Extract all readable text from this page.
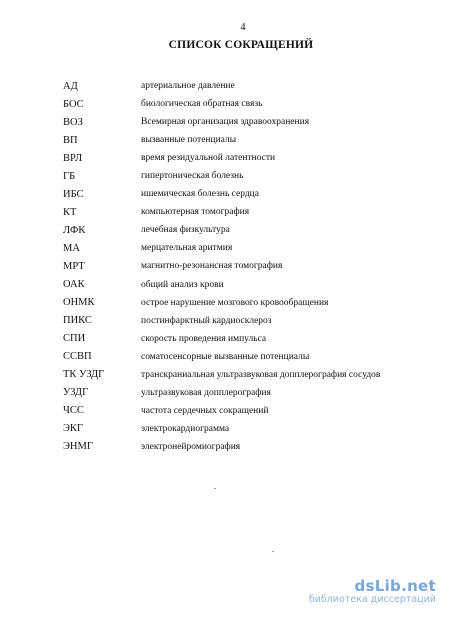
4
СПИСОК СОКРАЩЕНИЙ
АД	артериальное давление
БОС	биологическая обратная связь
ВОЗ	Всемирная организация здравоохранения
ВП	вызванные потенциалы
ВРЛ	время резидуальной латентности
ГБ	гипертоническая болезнь
ИБС	ишемическая болезнь сердца
КТ	компьютерная томография
ЛФК	лечебная физкультура
МА	мерцательная аритмия
МРТ	магнитно-резонансная томография
ОАК	общий анализ крови
ОНМК	острое нарушение мозгового кровообращения
ПИКС	постинфарктный кардиосклероз
СПИ	скорость проведения импульса
ССВП	соматосенсорные вызванные потенциалы
ТК УЗДГ	транскраниальная ультразвуковая допплерография сосудов
УЗДГ	ультразвуковая допплерография
ЧСС	частота сердечных сокращений
ЭКГ	электрокардиограмма
ЭНМГ	электронейромиография
dsLib.net
библиотека диссертаций
